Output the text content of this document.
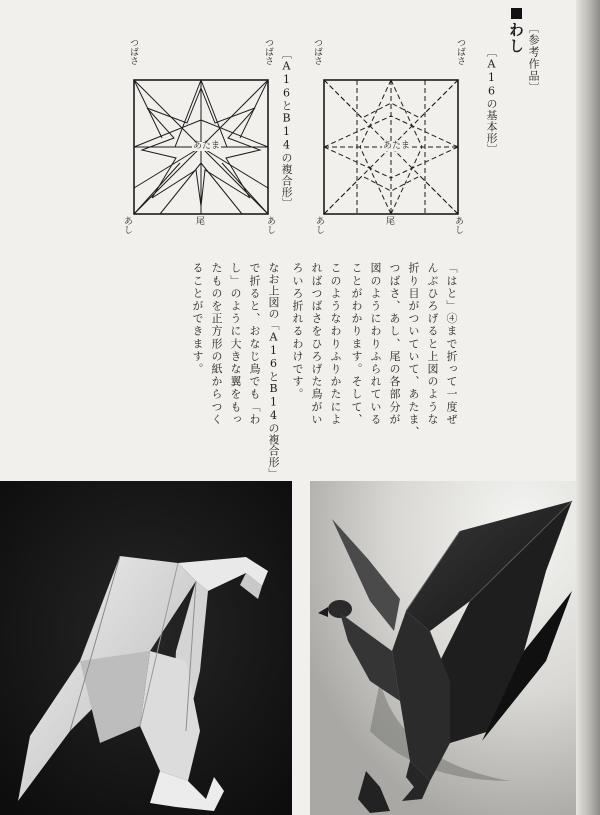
わし 〔参考作品〕
〔A16の基本形〕
〔A16とB14の複合形〕 つばさ	つばさ
あたま
尾
あし	あし
つばさ	つばさ
あたま
尾
あし	あし
「はと」④まで折って一度ぜ
んぶひろげると上図のような
折り目がついていて、あたま、
つばさ、あし、尾の各部分が
図のようにわりふられている
ことがわかります。そして、
このようなわりふりかたによ
ればつばさをひろげた鳥がい
ろいろ折れるわけです。
なお上図の「A16とB14の複合形」
で折ると、おなじ鳥でも「わ
し」のように大きな翼をもっ
たものを正方形の紙からつく
ることができます。
